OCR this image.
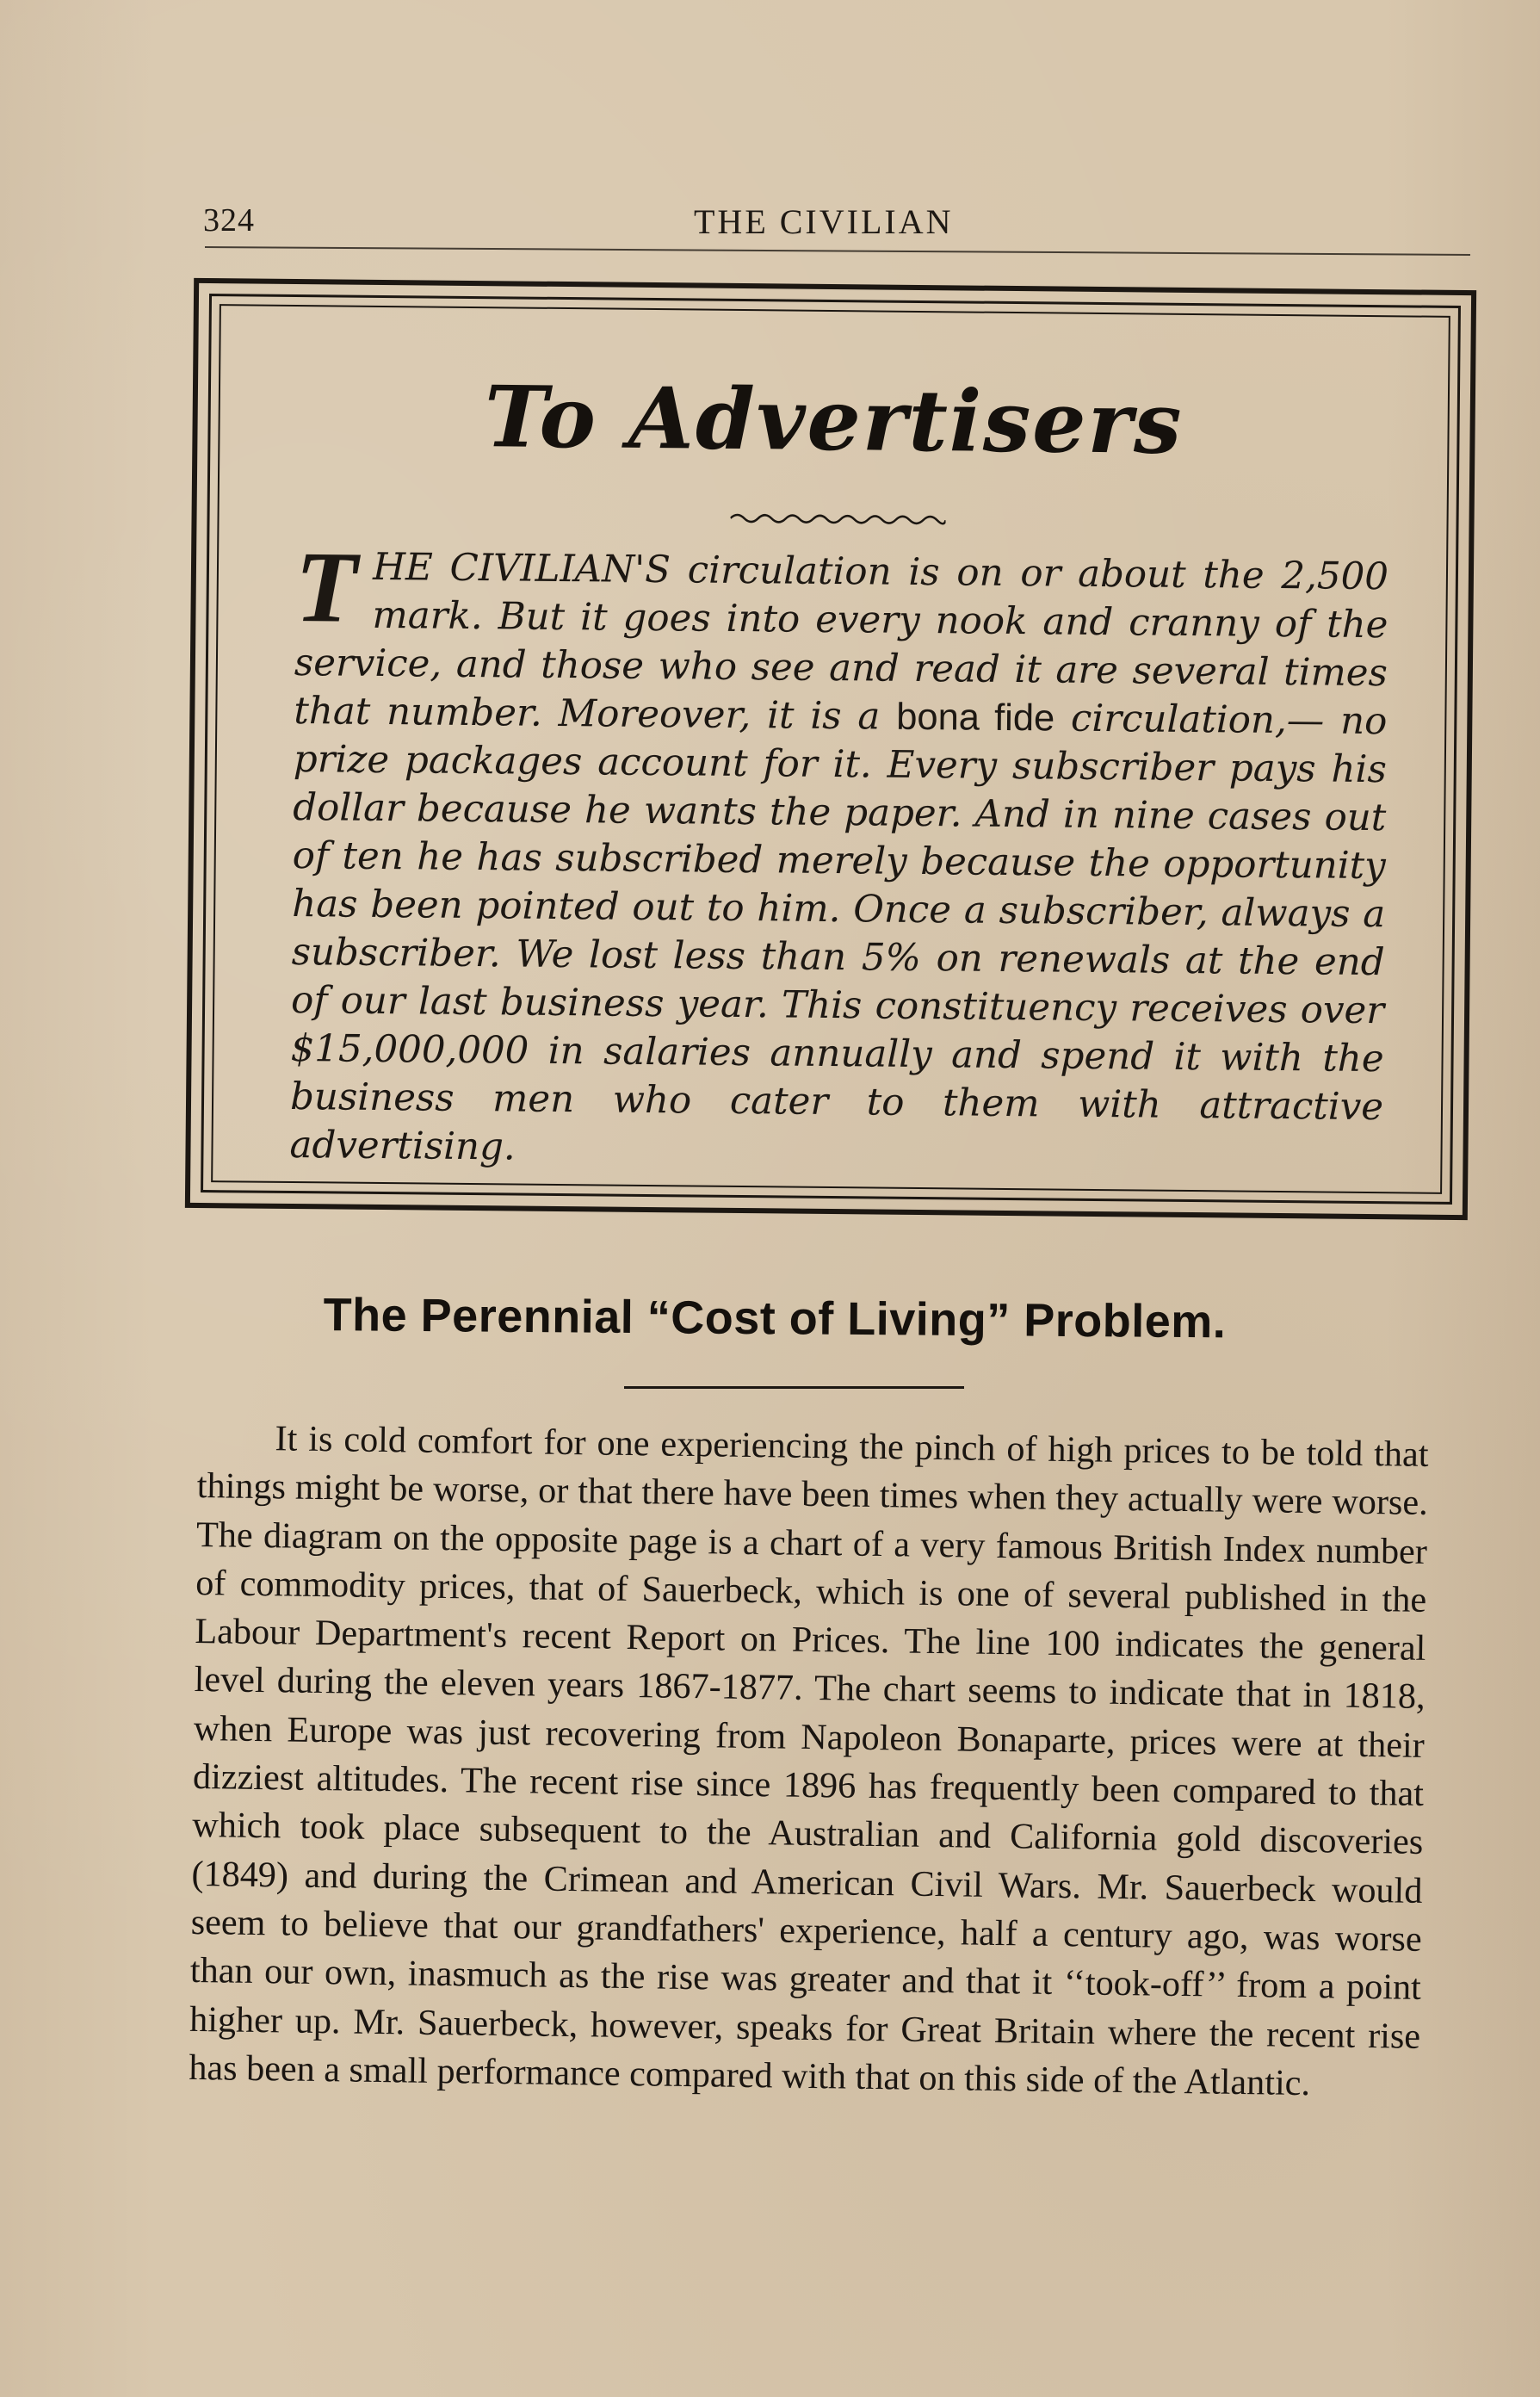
324	THE CIVILIAN
To Advertisers
THE CIVILIAN'S circulation is on or about the 2,500 mark. But it goes into every nook and cranny of the service, and those who see and read it are several times that number. Moreover, it is a bona fide circulation,— no prize packages account for it. Every subscriber pays his dollar because he wants the paper. And in nine cases out of ten he has subscribed merely because the opportunity has been pointed out to him. Once a subscriber, always a subscriber. We lost less than 5% on renewals at the end of our last business year. This constituency receives over $15,000,000 in salaries annually and spend it with the business men who cater to them with attractive advertising.
The Perennial “Cost of Living” Problem.

It is cold comfort for one experiencing the pinch of high prices to be told that things might be worse, or that there have been times when they actually were worse. The diagram on the opposite page is a chart of a very famous British Index number of commodity prices, that of Sauerbeck, which is one of several published in the Labour Department's recent Report on Prices. The line 100 indicates the general level during the eleven years 1867-1877. The chart seems to indicate that in 1818, when Europe was just recovering from Napoleon Bonaparte, prices were at their dizziest altitudes. The recent rise since 1896 has frequently been compared to that which took place subsequent to the Australian and California gold discoveries (1849) and during the Crimean and American Civil Wars. Mr. Sauerbeck would seem to believe that our grandfathers' experience, half a century ago, was worse than our own, inasmuch as the rise was greater and that it ‘‘took-off’’ from a point higher up. Mr. Sauerbeck, however, speaks for Great Britain where the recent rise has been a small performance compared with that on this side of the Atlantic.
